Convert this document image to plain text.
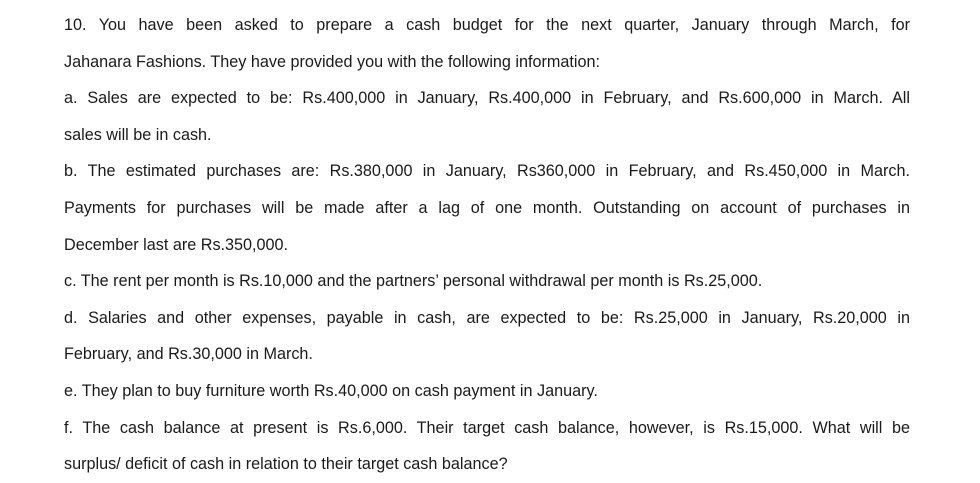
10. You have been asked to prepare a cash budget for the next quarter, January through March, for
Jahanara Fashions. They have provided you with the following information:
a. Sales are expected to be: Rs.400,000 in January, Rs.400,000 in February, and Rs.600,000 in March. All
sales will be in cash.
b. The estimated purchases are: Rs.380,000 in January, Rs360,000 in February, and Rs.450,000 in March.
Payments for purchases will be made after a lag of one month. Outstanding on account of purchases in
December last are Rs.350,000.
c. The rent per month is Rs.10,000 and the partners’ personal withdrawal per month is Rs.25,000.
d. Salaries and other expenses, payable in cash, are expected to be: Rs.25,000 in January, Rs.20,000 in
February, and Rs.30,000 in March.
e. They plan to buy furniture worth Rs.40,000 on cash payment in January.
f. The cash balance at present is Rs.6,000. Their target cash balance, however, is Rs.15,000. What will be
surplus/ deficit of cash in relation to their target cash balance?
